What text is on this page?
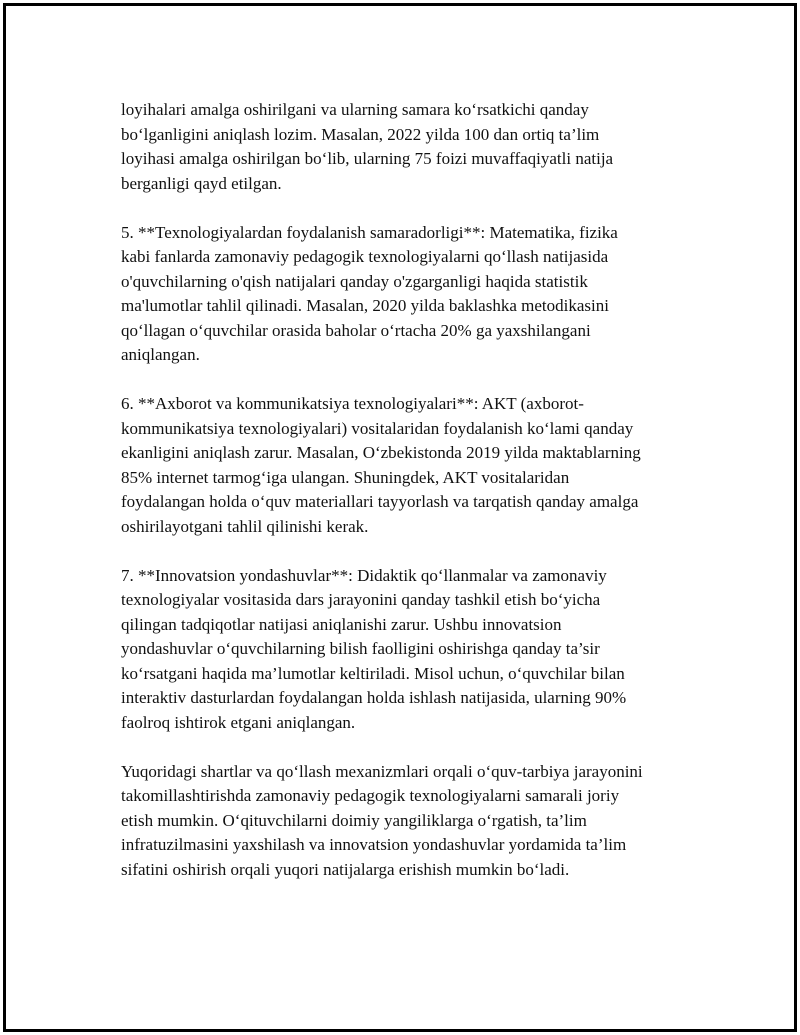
loyihalari amalga oshirilgani va ularning samara ko‘rsatkichi qanday
bo‘lganligini aniqlash lozim. Masalan, 2022 yilda 100 dan ortiq ta’lim
loyihasi amalga oshirilgan bo‘lib, ularning 75 foizi muvaffaqiyatli natija
berganligi qayd etilgan.

5. **Texnologiyalardan foydalanish samaradorligi**: Matematika, fizika
kabi fanlarda zamonaviy pedagogik texnologiyalarni qo‘llash natijasida
o'quvchilarning o'qish natijalari qanday o'zgarganligi haqida statistik
ma'lumotlar tahlil qilinadi. Masalan, 2020 yilda baklashka metodikasini
qo‘llagan o‘quvchilar orasida baholar o‘rtacha 20% ga yaxshilangani
aniqlangan.

6. **Axborot va kommunikatsiya texnologiyalari**: AKT (axborot-
kommunikatsiya texnologiyalari) vositalaridan foydalanish ko‘lami qanday
ekanligini aniqlash zarur. Masalan, O‘zbekistonda 2019 yilda maktablarning
85% internet tarmog‘iga ulangan. Shuningdek, AKT vositalaridan
foydalangan holda o‘quv materiallari tayyorlash va tarqatish qanday amalga
oshirilayotgani tahlil qilinishi kerak.

7. **Innovatsion yondashuvlar**: Didaktik qo‘llanmalar va zamonaviy
texnologiyalar vositasida dars jarayonini qanday tashkil etish bo‘yicha
qilingan tadqiqotlar natijasi aniqlanishi zarur. Ushbu innovatsion
yondashuvlar o‘quvchilarning bilish faolligini oshirishga qanday ta’sir
ko‘rsatgani haqida ma’lumotlar keltiriladi. Misol uchun, o‘quvchilar bilan
interaktiv dasturlardan foydalangan holda ishlash natijasida, ularning 90%
faolroq ishtirok etgani aniqlangan.

Yuqoridagi shartlar va qo‘llash mexanizmlari orqali o‘quv-tarbiya jarayonini
takomillashtirishda zamonaviy pedagogik texnologiyalarni samarali joriy
etish mumkin. O‘qituvchilarni doimiy yangiliklarga o‘rgatish, ta’lim
infratuzilmasini yaxshilash va innovatsion yondashuvlar yordamida ta’lim
sifatini oshirish orqali yuqori natijalarga erishish mumkin bo‘ladi.
